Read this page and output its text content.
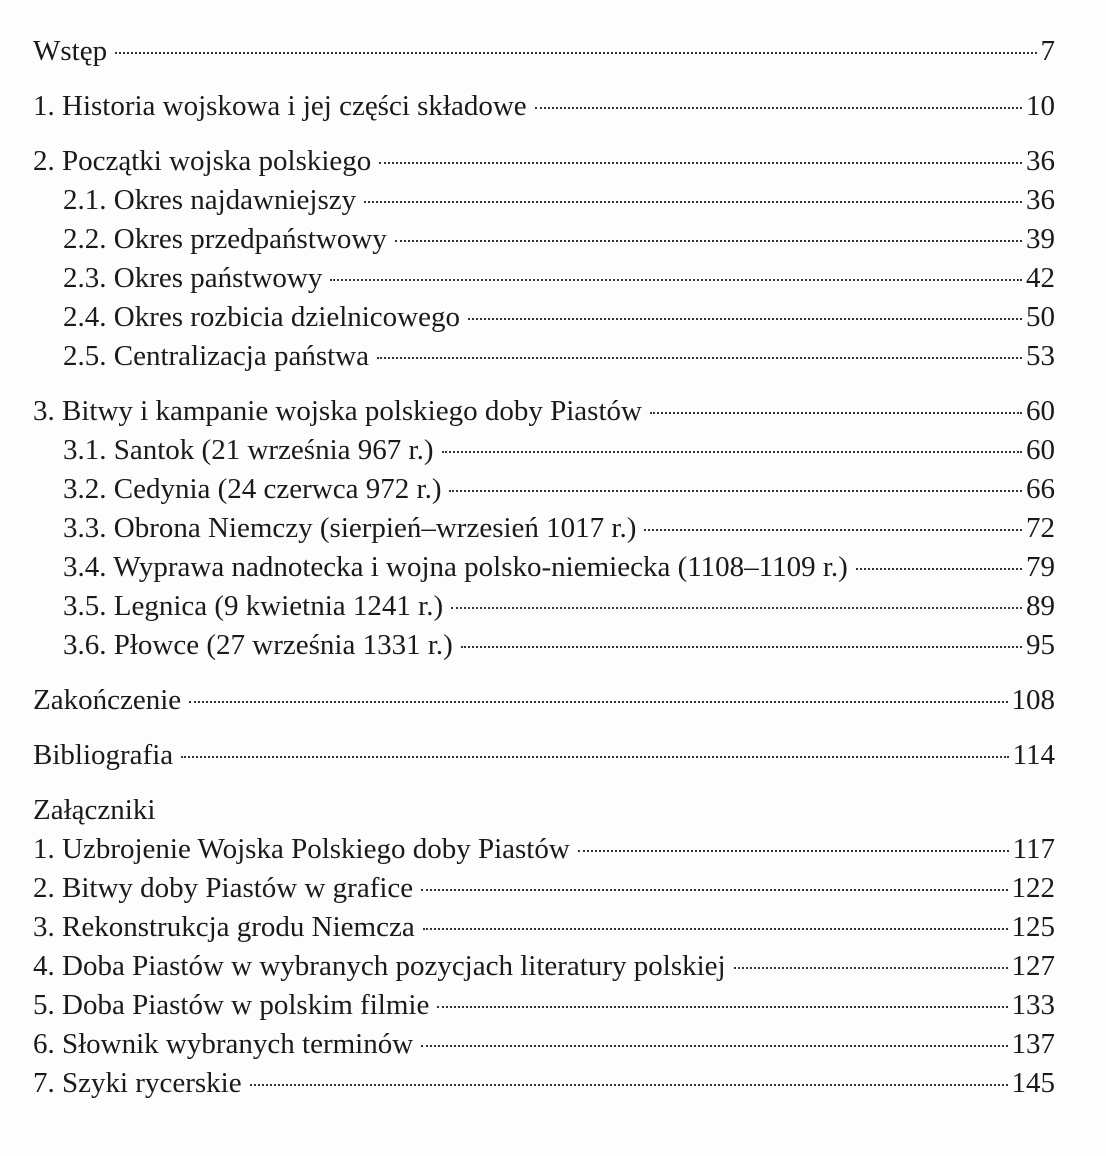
Wstęp	7
1. Historia wojskowa i jej części składowe	10
2. Początki wojska polskiego	36
2.1. Okres najdawniejszy	36
2.2. Okres przedpaństwowy	39
2.3. Okres państwowy	42
2.4. Okres rozbicia dzielnicowego	50
2.5. Centralizacja państwa	53
3. Bitwy i kampanie wojska polskiego doby Piastów	60
3.1. Santok (21 września 967 r.)	60
3.2. Cedynia (24 czerwca 972 r.)	66
3.3. Obrona Niemczy (sierpień–wrzesień 1017 r.)	72
3.4. Wyprawa nadnotecka i wojna polsko-niemiecka (1108–1109 r.)	79
3.5. Legnica (9 kwietnia 1241 r.)	89
3.6. Płowce (27 września 1331 r.)	95
Zakończenie	108
Bibliografia	114
Załączniki
1. Uzbrojenie Wojska Polskiego doby Piastów	117
2. Bitwy doby Piastów w grafice	122
3. Rekonstrukcja grodu Niemcza	125
4. Doba Piastów w wybranych pozycjach literatury polskiej	127
5. Doba Piastów w polskim filmie	133
6. Słownik wybranych terminów	137
7. Szyki rycerskie	145
